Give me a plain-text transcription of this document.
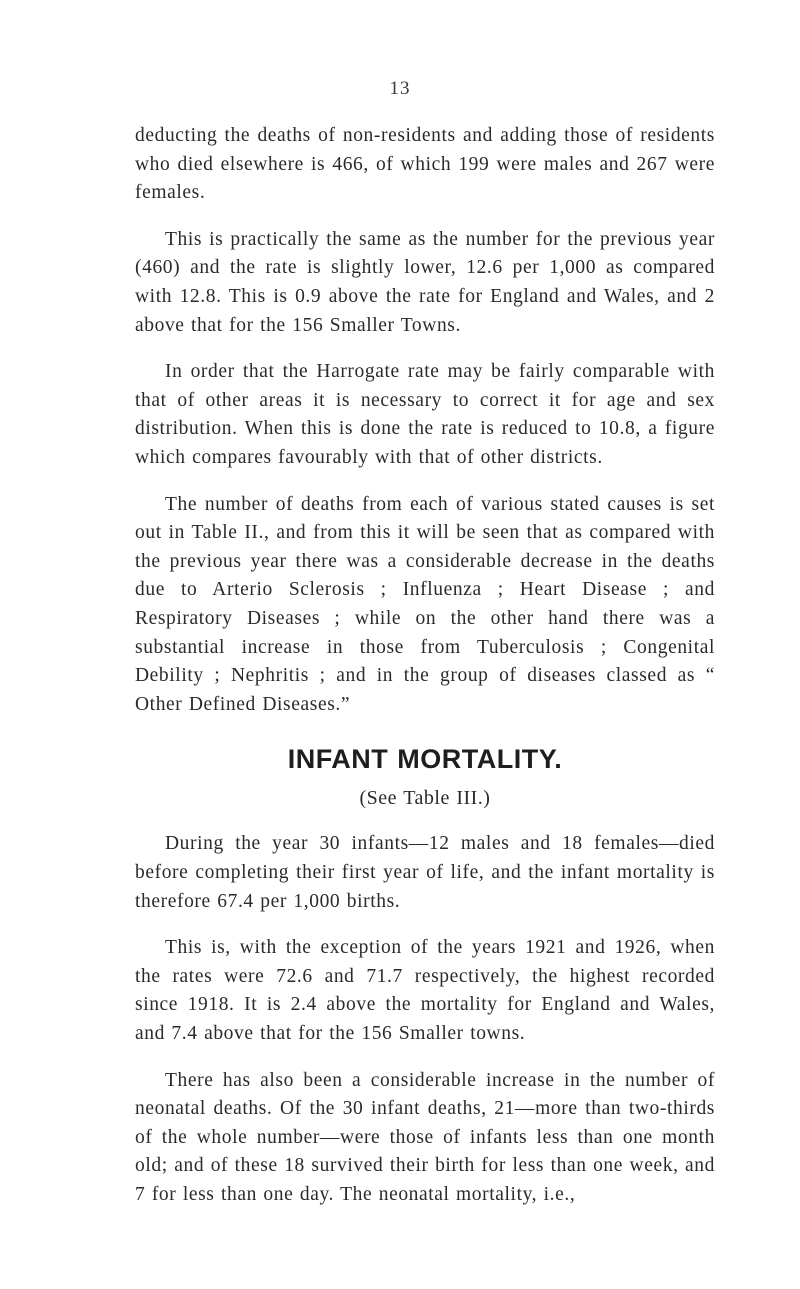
13

deducting the deaths of non-residents and adding those of residents who died elsewhere is 466, of which 199 were males and 267 were females.

This is practically the same as the number for the previous year (460) and the rate is slightly lower, 12.6 per 1,000 as compared with 12.8. This is 0.9 above the rate for England and Wales, and 2 above that for the 156 Smaller Towns.

In order that the Harrogate rate may be fairly comparable with that of other areas it is necessary to correct it for age and sex distribution. When this is done the rate is reduced to 10.8, a figure which compares favourably with that of other districts.

The number of deaths from each of various stated causes is set out in Table II., and from this it will be seen that as compared with the previous year there was a considerable decrease in the deaths due to Arterio Sclerosis ; Influenza ; Heart Disease ; and Respiratory Diseases ; while on the other hand there was a substantial increase in those from Tuberculosis ; Congenital Debility ; Nephritis ; and in the group of diseases classed as “ Other Defined Diseases.”

INFANT MORTALITY.
(See Table III.)

During the year 30 infants—12 males and 18 females—died before completing their first year of life, and the infant mortality is therefore 67.4 per 1,000 births.

This is, with the exception of the years 1921 and 1926, when the rates were 72.6 and 71.7 respectively, the highest recorded since 1918. It is 2.4 above the mortality for England and Wales, and 7.4 above that for the 156 Smaller towns.

There has also been a considerable increase in the number of neonatal deaths. Of the 30 infant deaths, 21—more than two-thirds of the whole number—were those of infants less than one month old; and of these 18 survived their birth for less than one week, and 7 for less than one day. The neonatal mortality, i.e.,
